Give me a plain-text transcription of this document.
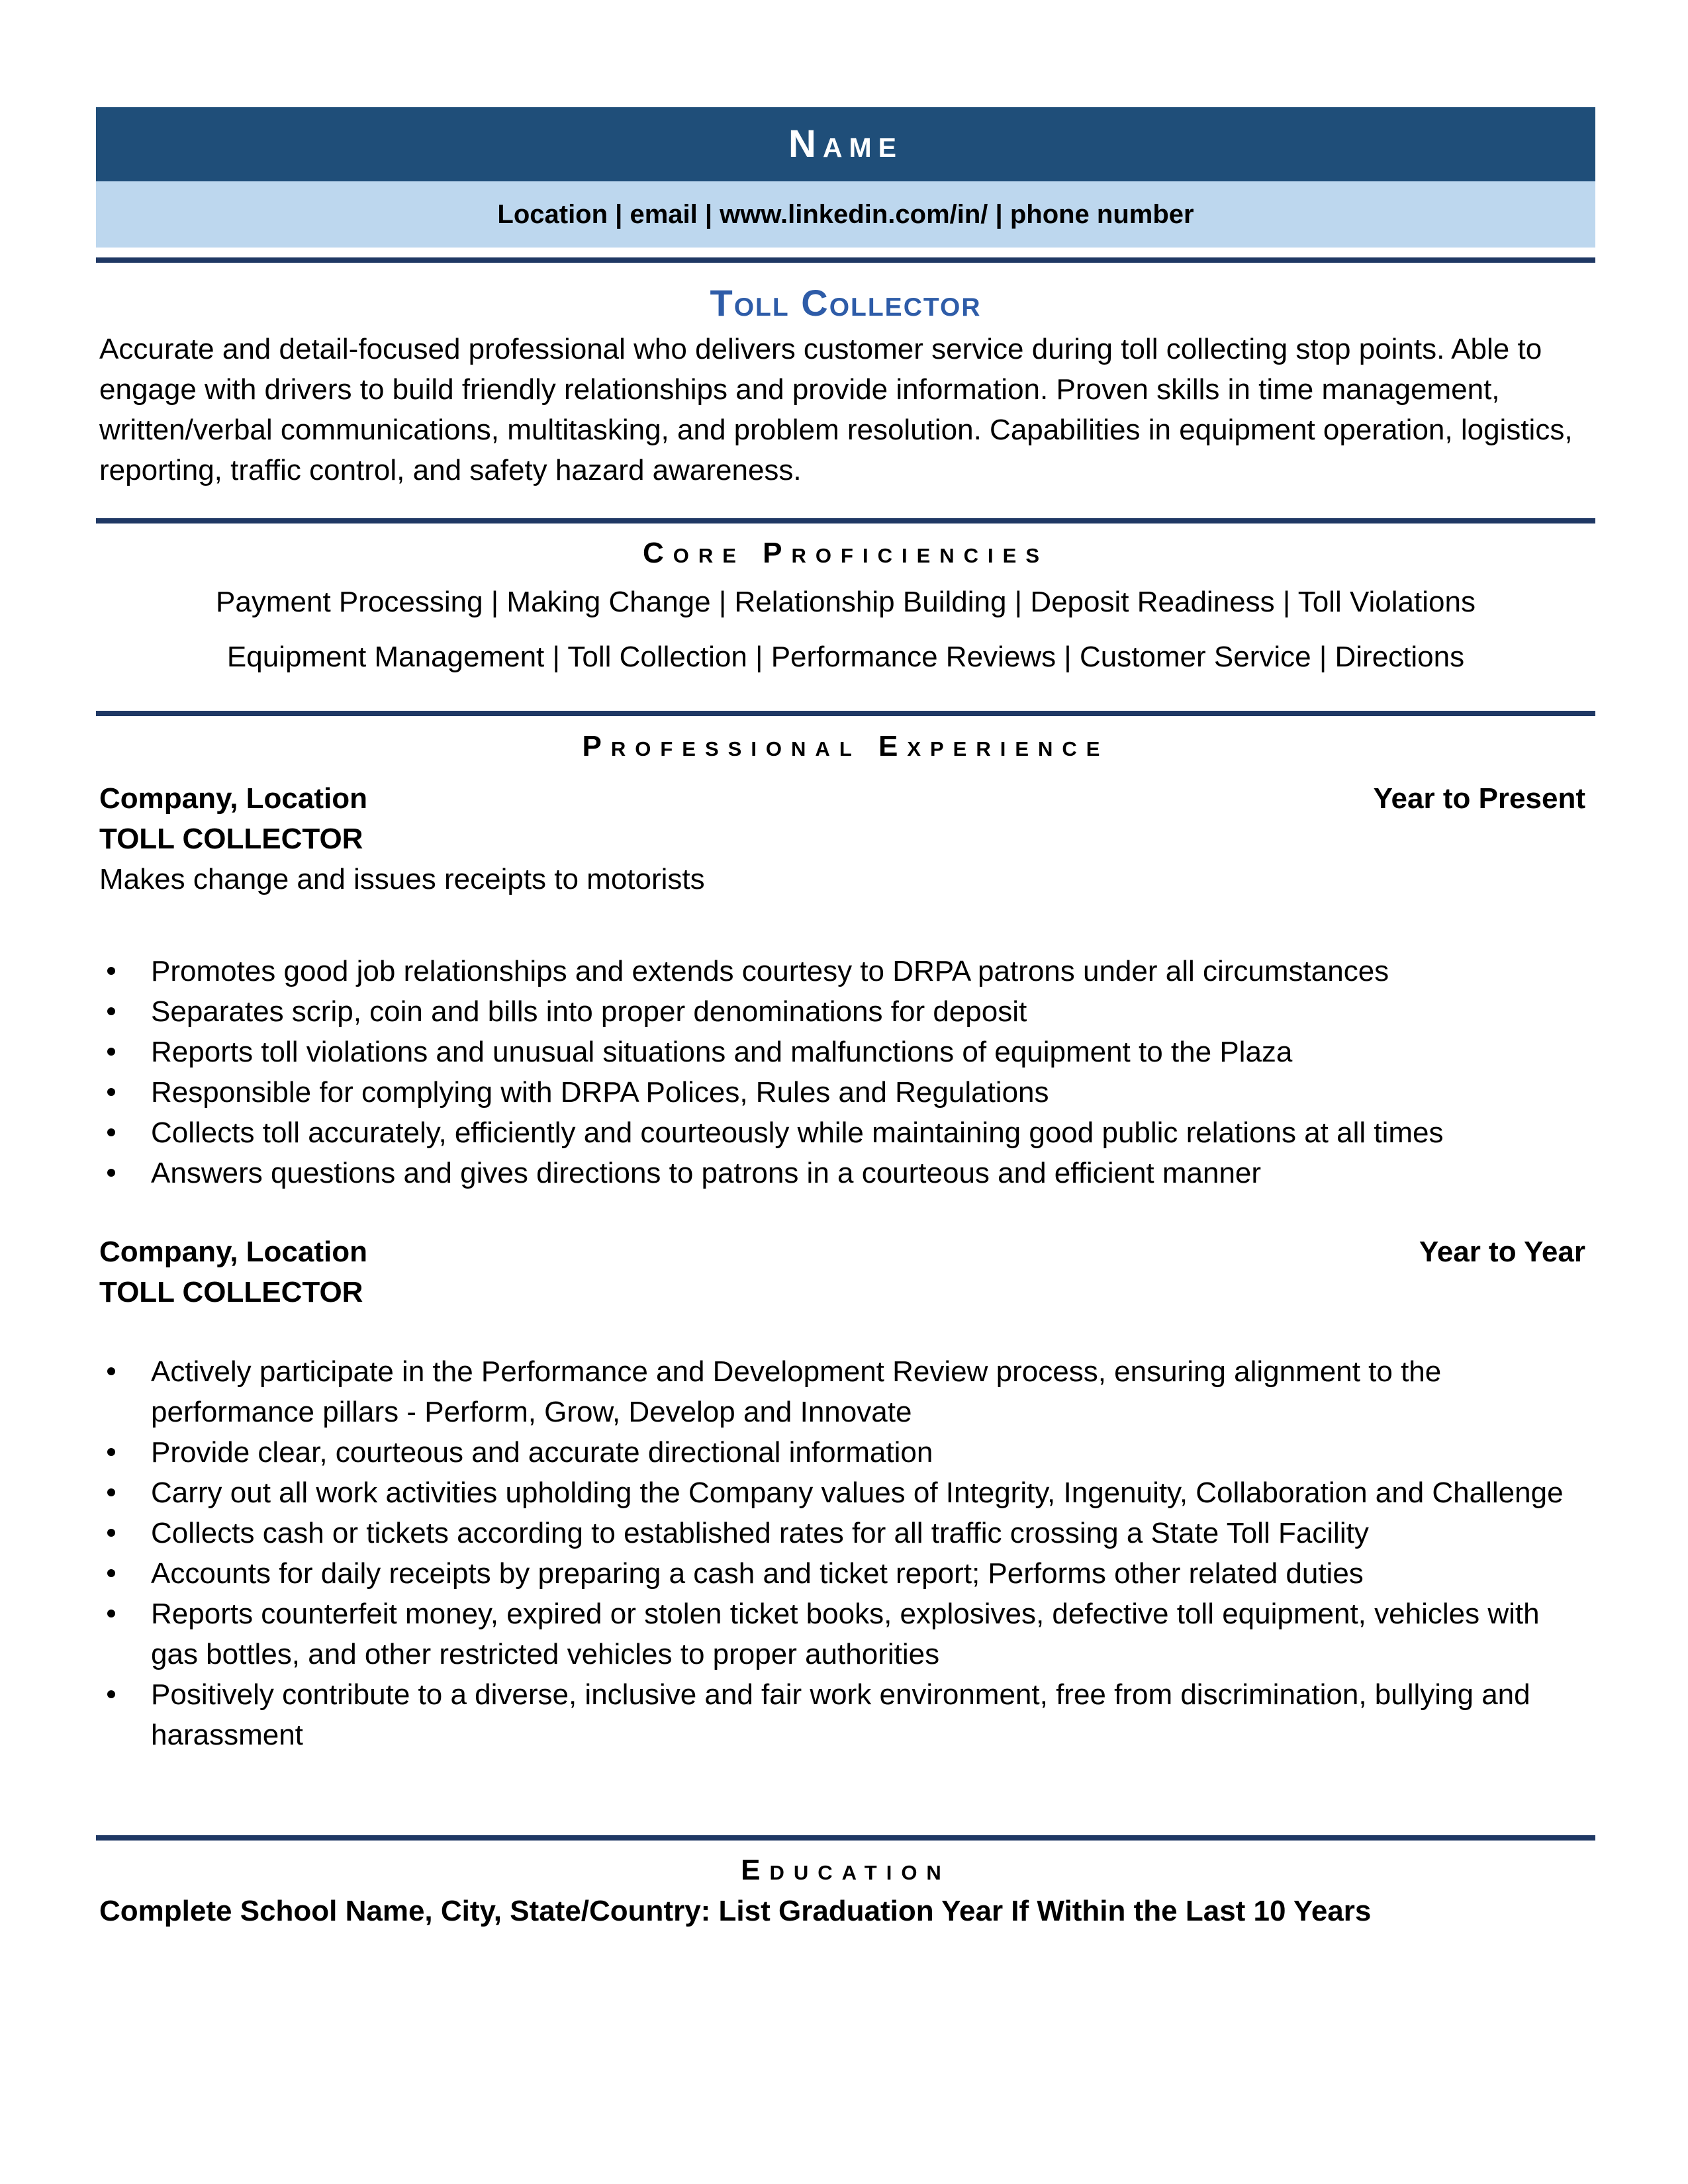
Name
Location | email | www.linkedin.com/in/ | phone number
Toll Collector
Accurate and detail-focused professional who delivers customer service during toll collecting stop points. Able to engage with drivers to build friendly relationships and provide information. Proven skills in time management, written/verbal communications, multitasking, and problem resolution. Capabilities in equipment operation, logistics, reporting, traffic control, and safety hazard awareness.
Core Proficiencies
Payment Processing | Making Change | Relationship Building | Deposit Readiness | Toll Violations
Equipment Management | Toll Collection | Performance Reviews | Customer Service | Directions
Professional Experience
Company, Location	Year to Present
TOLL COLLECTOR
Makes change and issues receipts to motorists
Promotes good job relationships and extends courtesy to DRPA patrons under all circumstances
Separates scrip, coin and bills into proper denominations for deposit
Reports toll violations and unusual situations and malfunctions of equipment to the Plaza
Responsible for complying with DRPA Polices, Rules and Regulations
Collects toll accurately, efficiently and courteously while maintaining good public relations at all times
Answers questions and gives directions to patrons in a courteous and efficient manner
Company, Location	Year to Year
TOLL COLLECTOR
Actively participate in the Performance and Development Review process, ensuring alignment to the performance pillars - Perform, Grow, Develop and Innovate
Provide clear, courteous and accurate directional information
Carry out all work activities upholding the Company values of Integrity, Ingenuity, Collaboration and Challenge
Collects cash or tickets according to established rates for all traffic crossing a State Toll Facility
Accounts for daily receipts by preparing a cash and ticket report; Performs other related duties
Reports counterfeit money, expired or stolen ticket books, explosives, defective toll equipment, vehicles with gas bottles, and other restricted vehicles to proper authorities
Positively contribute to a diverse, inclusive and fair work environment, free from discrimination, bullying and harassment
Education
Complete School Name, City, State/Country: List Graduation Year If Within the Last 10 Years
